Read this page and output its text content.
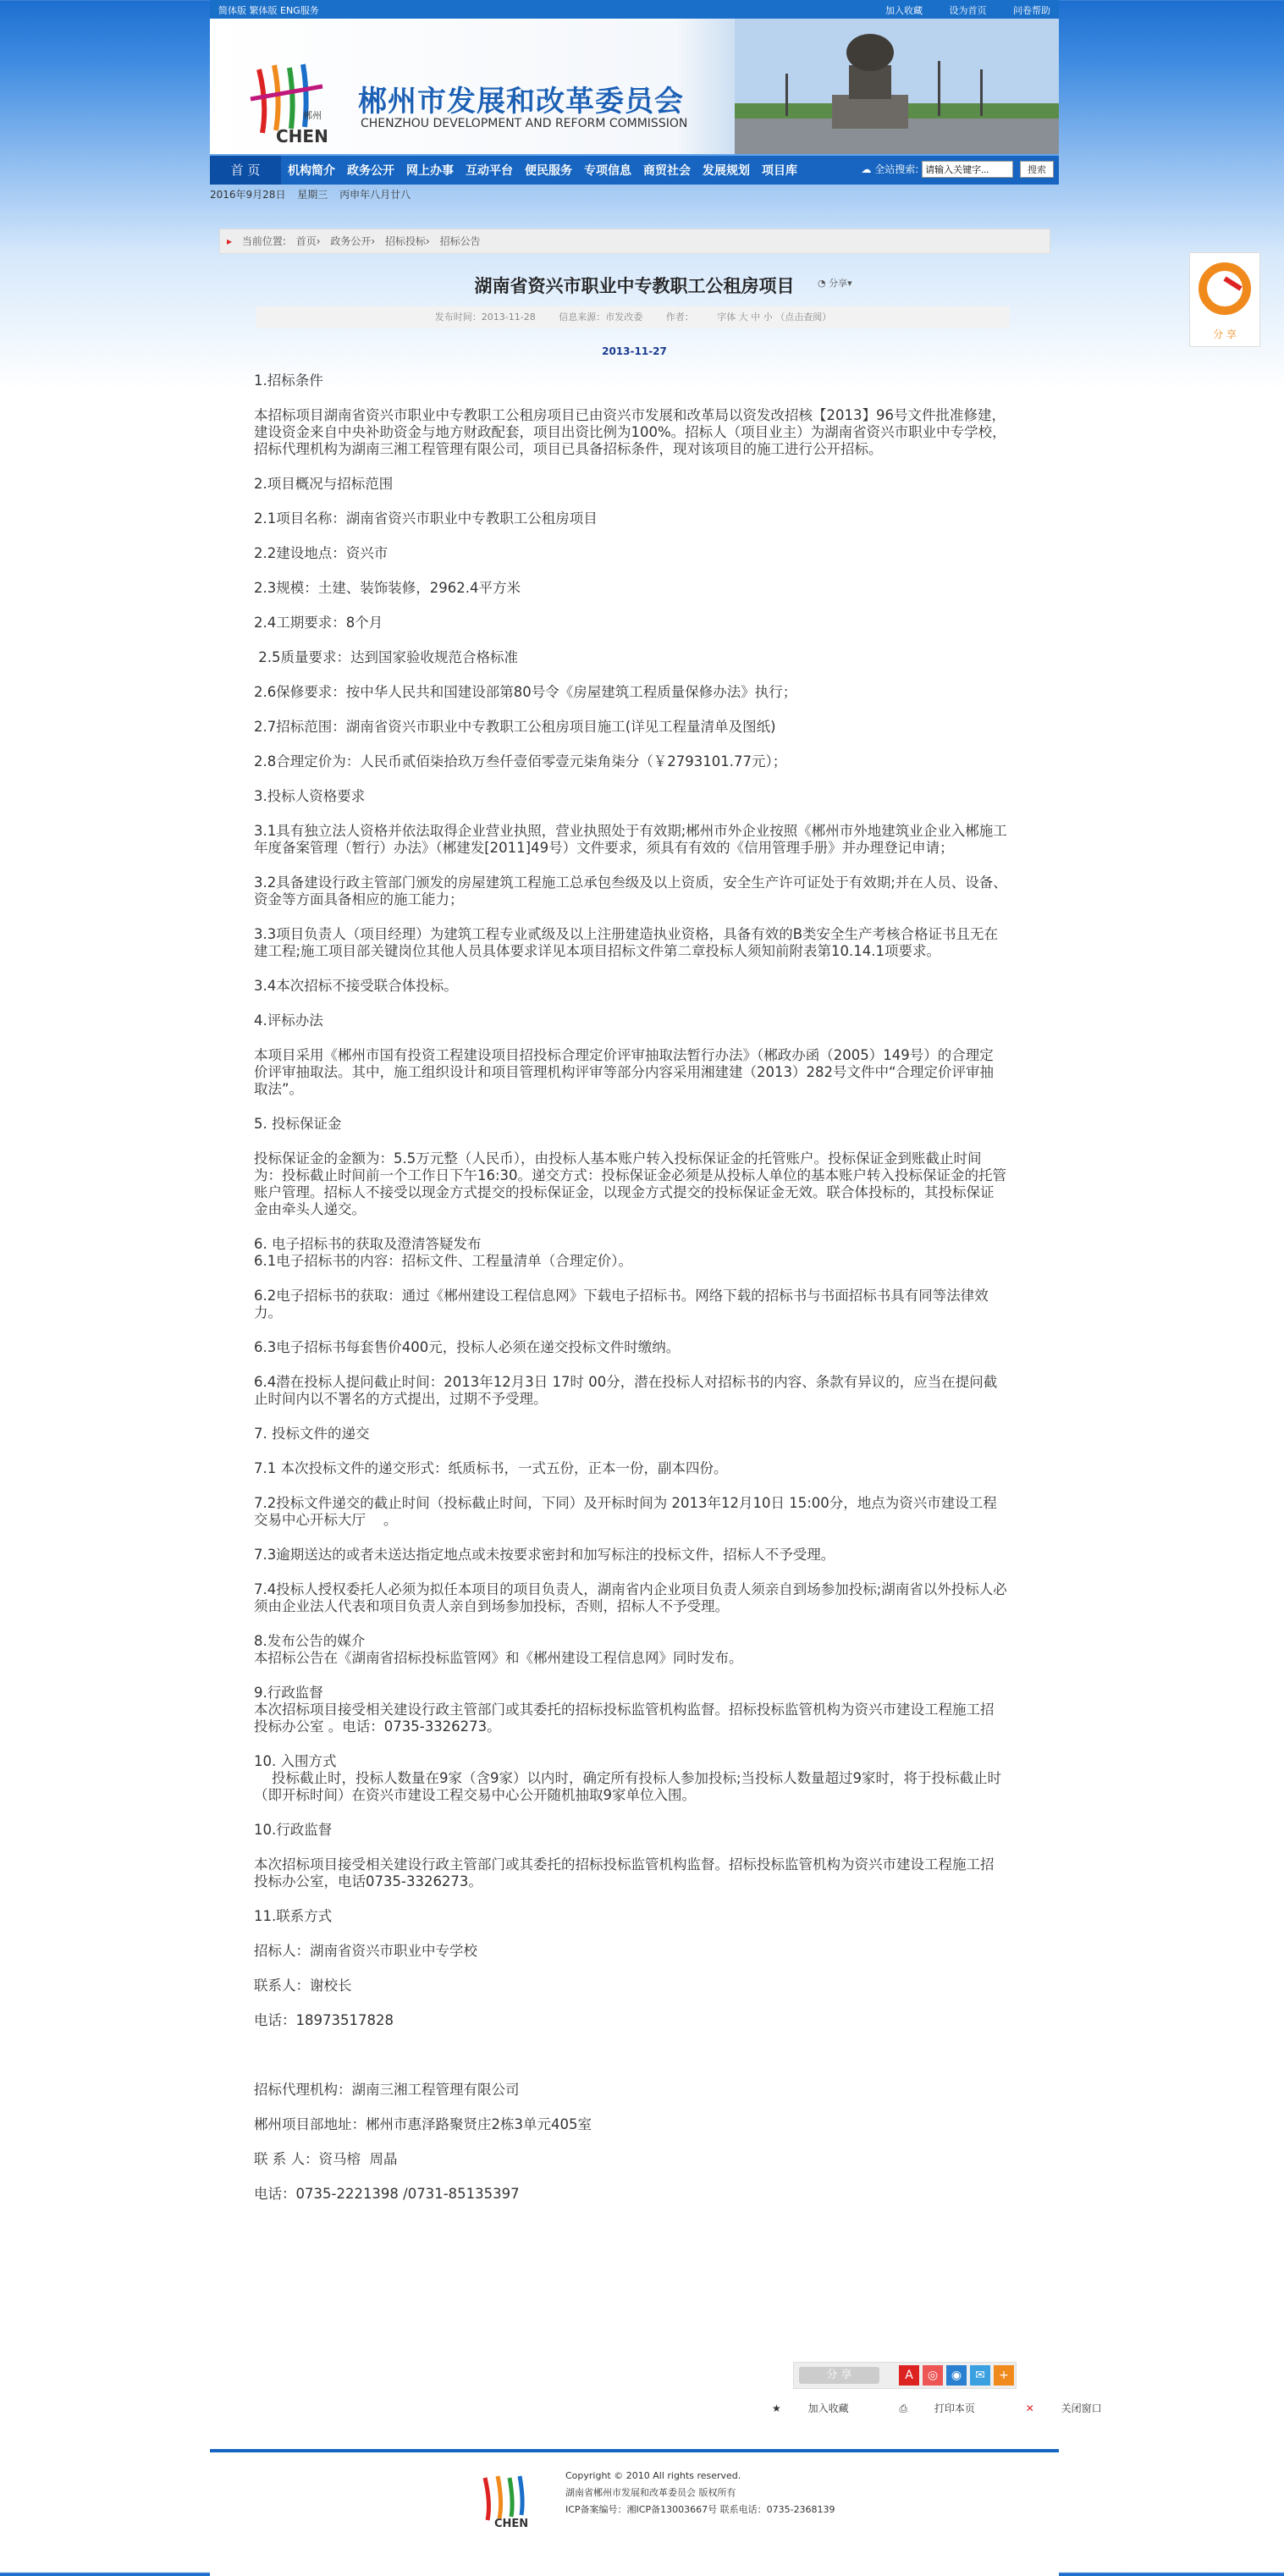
简体版 繁体版 ENG服务	加入收藏	设为首页	问卷帮助
郴州
CHEN
郴州市发展和改革委员会
CHENZHOU DEVELOPMENT AND REFORM COMMISSION
首 页	机构简介 政务公开 网上办事 互动平台 便民服务 专项信息 商贸社会 发展规划 项目库	☁ 全站搜索: 请输入关键字...	搜索
2016年9月28日 星期三 丙申年八月廿八
▸ 当前位置: 首页› 政务公开› 招标投标› 招标公告
湖南省资兴市职业中专教职工公租房项目	◔ 分享▾
发布时间：2013-11-28	信息来源：市发改委	作者：	字体 大 中 小 （点击查阅）
2013-11-27

1.招标条件

本招标项目湖南省资兴市职业中专教职工公租房项目已由资兴市发展和改革局以资发改招核【2013】96号文件批准修建，建设资金来自中央补助资金与地方财政配套，项目出资比例为100%。招标人（项目业主）为湖南省资兴市职业中专学校，招标代理机构为湖南三湘工程管理有限公司，项目已具备招标条件，现对该项目的施工进行公开招标。

2.项目概况与招标范围

2.1项目名称：湖南省资兴市职业中专教职工公租房项目

2.2建设地点：资兴市

2.3规模：土建、装饰装修，2962.4平方米

2.4工期要求：8个月

2.5质量要求：达到国家验收规范合格标准

2.6保修要求：按中华人民共和国建设部第80号令《房屋建筑工程质量保修办法》执行；

2.7招标范围：湖南省资兴市职业中专教职工公租房项目施工(详见工程量清单及图纸)

2.8合理定价为：人民币贰佰柒拾玖万叁仟壹佰零壹元柒角柒分（￥2793101.77元）；

3.投标人资格要求

3.1具有独立法人资格并依法取得企业营业执照，营业执照处于有效期;郴州市外企业按照《郴州市外地建筑业企业入郴施工年度备案管理（暂行）办法》（郴建发[2011]49号）文件要求，须具有有效的《信用管理手册》并办理登记申请；

3.2具备建设行政主管部门颁发的房屋建筑工程施工总承包叁级及以上资质，安全生产许可证处于有效期;并在人员、设备、资金等方面具备相应的施工能力；

3.3项目负责人（项目经理）为建筑工程专业贰级及以上注册建造执业资格，具备有效的B类安全生产考核合格证书且无在建工程;施工项目部关键岗位其他人员具体要求详见本项目招标文件第二章投标人须知前附表第10.14.1项要求。

3.4本次招标不接受联合体投标。

4.评标办法

本项目采用《郴州市国有投资工程建设项目招投标合理定价评审抽取法暂行办法》（郴政办函（2005）149号）的合理定价评审抽取法。其中，施工组织设计和项目管理机构评审等部分内容采用湘建建（2013）282号文件中“合理定价评审抽取法”。

5. 投标保证金

投标保证金的金额为：5.5万元整（人民币），由投标人基本账户转入投标保证金的托管账户。投标保证金到账截止时间为：投标截止时间前一个工作日下午16:30。递交方式：投标保证金必须是从投标人单位的基本账户转入投标保证金的托管账户管理。招标人不接受以现金方式提交的投标保证金，以现金方式提交的投标保证金无效。联合体投标的，其投标保证金由牵头人递交。

6. 电子招标书的获取及澄清答疑发布
6.1电子招标书的内容：招标文件、工程量清单（合理定价）。

6.2电子招标书的获取：通过《郴州建设工程信息网》下载电子招标书。网络下载的招标书与书面招标书具有同等法律效力。

6.3电子招标书每套售价400元，投标人必须在递交投标文件时缴纳。

6.4潜在投标人提问截止时间：2013年12月3日 17时 00分，潜在投标人对招标书的内容、条款有异议的，应当在提问截止时间内以不署名的方式提出，过期不予受理。

7. 投标文件的递交

7.1 本次投标文件的递交形式：纸质标书，一式五份，正本一份，副本四份。

7.2投标文件递交的截止时间（投标截止时间，下同）及开标时间为 2013年12月10日 15:00分，地点为资兴市建设工程交易中心开标大厅    。

7.3逾期送达的或者未送达指定地点或未按要求密封和加写标注的投标文件，招标人不予受理。

7.4投标人授权委托人必须为拟任本项目的项目负责人，湖南省内企业项目负责人须亲自到场参加投标;湖南省以外投标人必须由企业法人代表和项目负责人亲自到场参加投标，否则，招标人不予受理。

8.发布公告的媒介
本招标公告在《湖南省招标投标监管网》和《郴州建设工程信息网》同时发布。

9.行政监督
本次招标项目接受相关建设行政主管部门或其委托的招标投标监管机构监督。招标投标监管机构为资兴市建设工程施工招投标办公室 。电话：0735-3326273。

10. 入围方式
投标截止时，投标人数量在9家（含9家）以内时，确定所有投标人参加投标;当投标人数量超过9家时，将于投标截止时（即开标时间）在资兴市建设工程交易中心公开随机抽取9家单位入围。

10.行政监督

本次招标项目接受相关建设行政主管部门或其委托的招标投标监管机构监督。招标投标监管机构为资兴市建设工程施工招投标办公室，电话0735-3326273。

11.联系方式

招标人：湖南省资兴市职业中专学校

联系人：谢校长

电话：18973517828

招标代理机构：湖南三湘工程管理有限公司

郴州项目部地址：郴州市惠泽路聚贤庄2栋3单元405室

联 系 人：资马榕  周晶

电话：0735-2221398 /0731-85135397

分 享
分 享	A	◎	◉	✉	+
★	加入收藏	⎙	打印本页	✕	关闭窗口
CHEN
Copyright © 2010 All rights reserved.
湖南省郴州市发展和改革委员会 版权所有
ICP备案编号：湘ICP备13003667号 联系电话：0735-2368139
